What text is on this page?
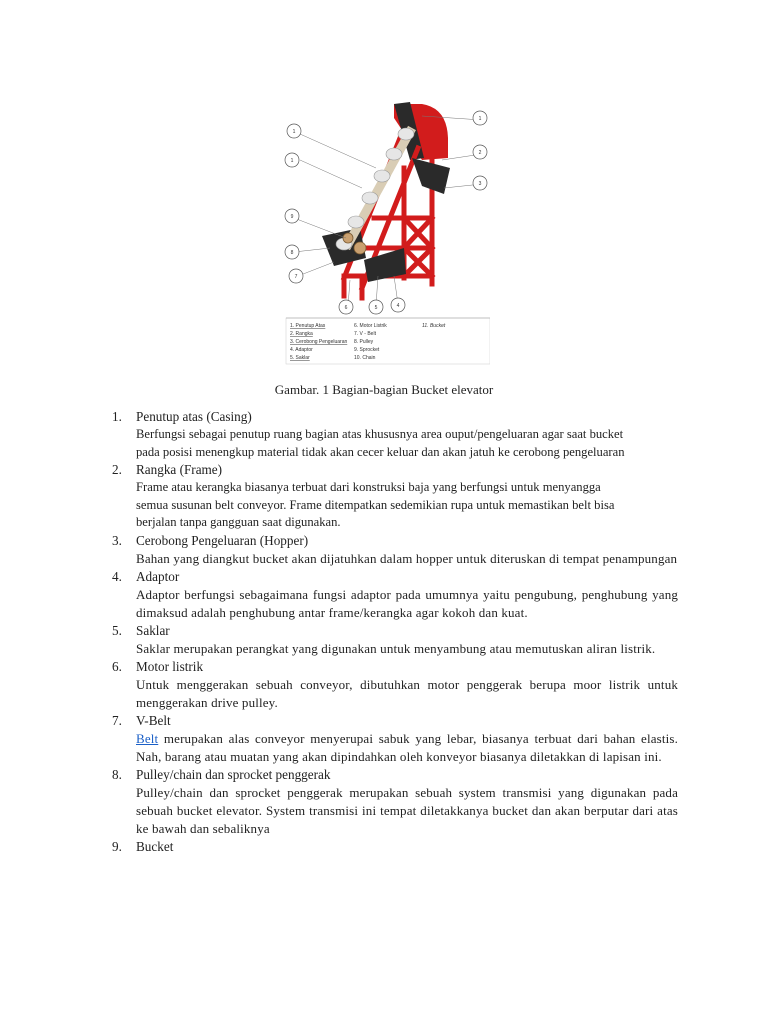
1
1
1
2
3
9
8
7
6	5	4
1. Penutup Atas
2. Rangka
3. Cerobong Pengeluaran
4. Adaptor
5. Saklar
6. Motor Listrik
7. V - Belt
8. Pulley
9. Sprocket
10. Chain
11. Bucket
Gambar. 1 Bagian-bagian Bucket elevator
1. Penutup atas (Casing)
Berfungsi sebagai penutup ruang bagian atas khususnya area ouput/pengeluaran agar saat bucket
pada posisi menengkup material tidak akan cecer keluar dan akan jatuh ke cerobong pengeluaran
2. Rangka (Frame)
Frame atau kerangka biasanya terbuat dari konstruksi baja yang berfungsi untuk menyangga
semua susunan belt conveyor. Frame ditempatkan sedemikian rupa untuk memastikan belt bisa
berjalan tanpa gangguan saat digunakan.
3. Cerobong Pengeluaran (Hopper)
Bahan yang diangkut bucket akan dijatuhkan dalam hopper untuk diteruskan di tempat penampungan
4. Adaptor
Adaptor berfungsi sebagaimana fungsi adaptor pada umumnya yaitu pengubung, penghubung yang dimaksud adalah penghubung antar frame/kerangka agar kokoh dan kuat.
5. Saklar
Saklar merupakan perangkat yang digunakan untuk menyambung atau memutuskan aliran listrik.
6. Motor listrik
Untuk menggerakan sebuah conveyor, dibutuhkan motor penggerak berupa moor listrik untuk menggerakan drive pulley.
7. V-Belt
Belt merupakan alas conveyor menyerupai sabuk yang lebar, biasanya terbuat dari bahan elastis. Nah, barang atau muatan yang akan dipindahkan oleh konveyor biasanya diletakkan di lapisan ini.
8. Pulley/chain dan sprocket penggerak
Pulley/chain dan sprocket penggerak merupakan sebuah system transmisi yang digunakan pada sebuah bucket elevator. System transmisi ini tempat diletakkanya bucket dan akan berputar dari atas ke bawah dan sebaliknya
9. Bucket
